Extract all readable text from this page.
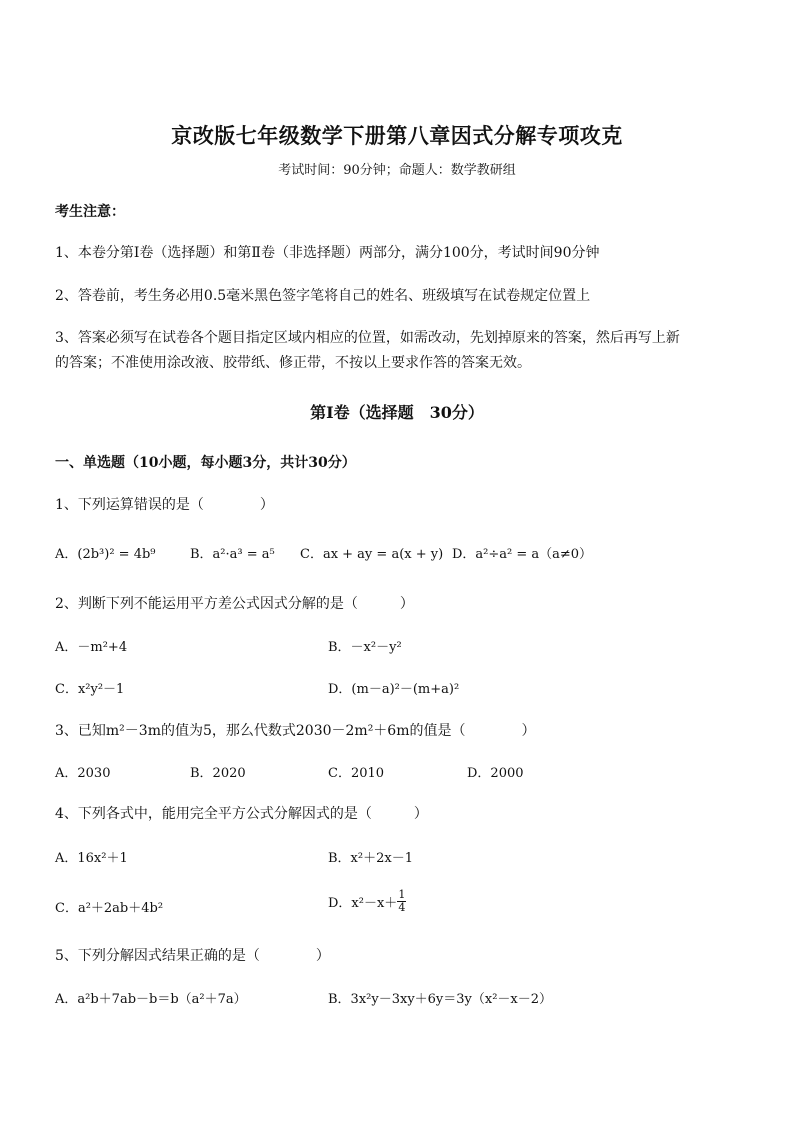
京改版七年级数学下册第八章因式分解专项攻克
考试时间：90分钟；命题人：数学教研组
考生注意：
1、本卷分第Ⅰ卷（选择题）和第Ⅱ卷（非选择题）两部分，满分100分，考试时间90分钟
2、答卷前，考生务必用0.5毫米黑色签字笔将自己的姓名、班级填写在试卷规定位置上
3、答案必须写在试卷各个题目指定区域内相应的位置，如需改动，先划掉原来的答案，然后再写上新
的答案；不准使用涂改液、胶带纸、修正带，不按以上要求作答的答案无效。
第Ⅰ卷（选择题　30分）
一、单选题（10小题，每小题3分，共计30分）
1、下列运算错误的是（　　　　）
A．(2b³)² = 4b⁹	B．a²·a³ = a⁵ C．ax + ay = a(x + y) D．a²÷a² = a（a≠0）
2、判断下列不能运用平方差公式因式分解的是（　　　）
A．－m²+4	B．－x²－y²
C．x²y²－1	D．(m－a)²－(m+a)²
3、已知m²－3m的值为5，那么代数式2030－2m²＋6m的值是（　　　　）
A．2030	B．2020	C．2010	D．2000
4、下列各式中，能用完全平方公式分解因式的是（　　　）
A．16x²＋1	B．x²＋2x－1
C．a²＋2ab＋4b²	D．$x^2-x+ \frac{1}{4}$
5、下列分解因式结果正确的是（　　　　）
A．a²b＋7ab－b＝b（a²＋7a）	B．3x²y－3xy＋6y＝3y（x²－x－2）
